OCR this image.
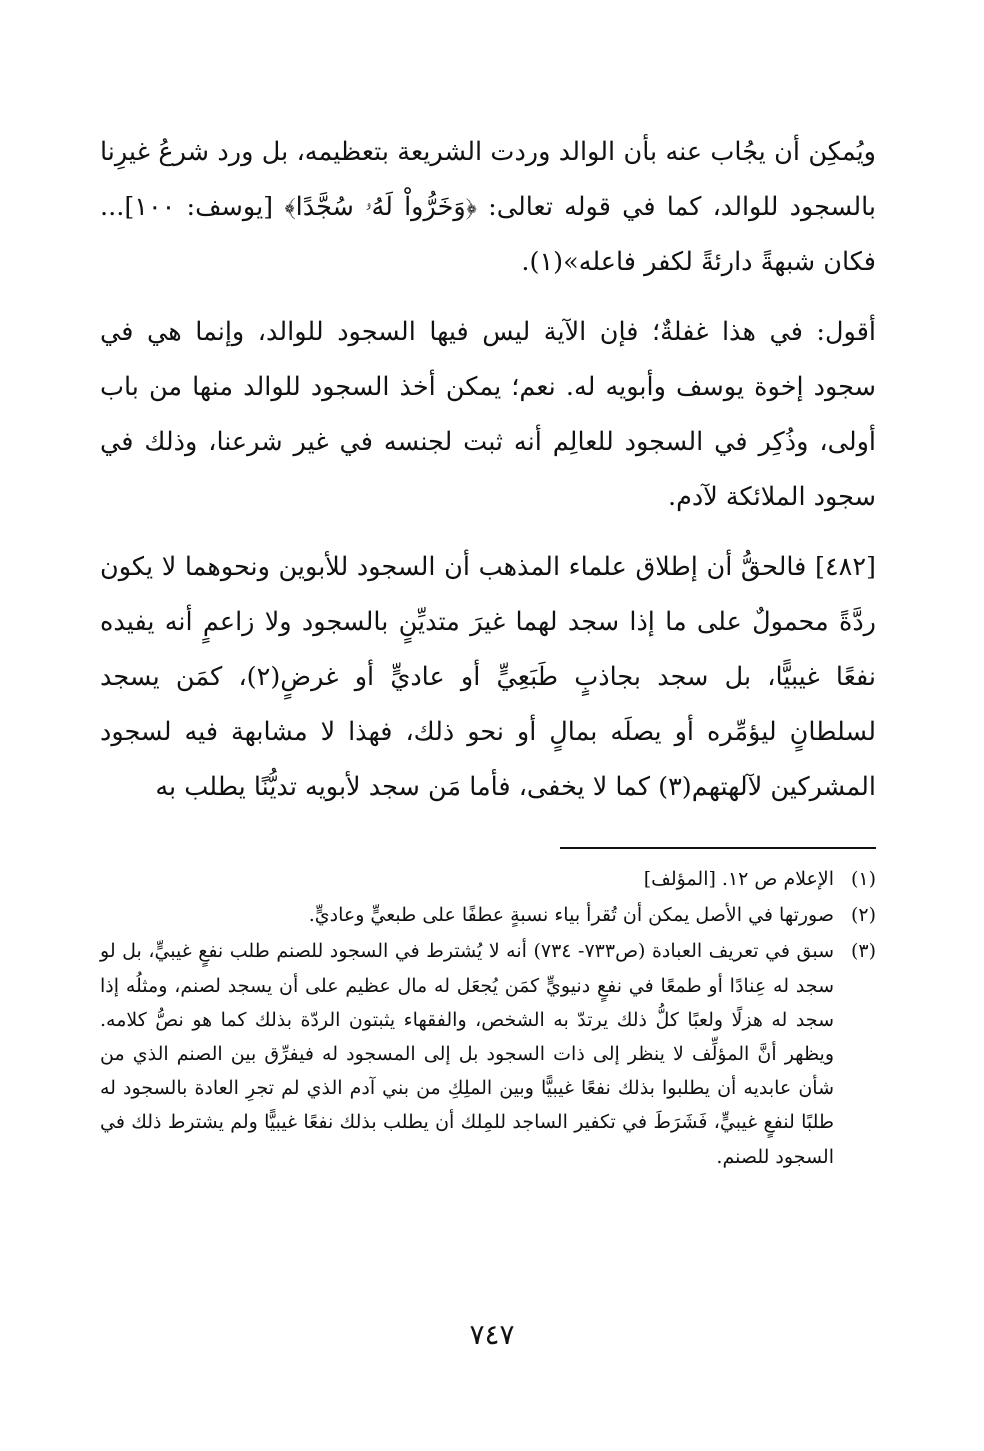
ويُمكِن أن يجُاب عنه بأن الوالد وردت الشريعة بتعظيمه، بل ورد شرعُ غيرِنا بالسجود للوالد، كما في قوله تعالى: ﴿وَخَرُّواْ لَهُۥ سُجَّدًا﴾ [يوسف: ١٠٠]... فكان شبهةً دارئةً لكفر فاعله»(١).

أقول: في هذا غفلةٌ؛ فإن الآية ليس فيها السجود للوالد، وإنما هي في سجود إخوة يوسف وأبويه له. نعم؛ يمكن أخذ السجود للوالد منها من باب أولى، وذُكِر في السجود للعالِم أنه ثبت لجنسه في غير شرعنا، وذلك في سجود الملائكة لآدم.

[٤٨٢] فالحقُّ أن إطلاق علماء المذهب أن السجود للأبوين ونحوهما لا يكون ردَّةً محمولٌ على ما إذا سجد لهما غيرَ متديِّنٍ بالسجود ولا زاعمٍ أنه يفيده نفعًا غيبيًّا، بل سجد بجاذبٍ طَبَعِيٍّ أو عاديٍّ أو غرضٍ(٢)، كمَن يسجد لسلطانٍ ليؤمِّره أو يصلَه بمالٍ أو نحو ذلك، فهذا لا مشابهة فيه لسجود المشركين لآلهتهم(٣) كما لا يخفى، فأما مَن سجد لأبويه تديُّنًا يطلب به

(١)
الإعلام ص ١٢. [المؤلف]
(٢)
صورتها في الأصل يمكن أن تُقرأ بياء نسبةٍ عطفًا على طبعيٍّ وعاديٍّ.
(٣)
سبق في تعريف العبادة (ص٧٣٣- ٧٣٤) أنه لا يُشترط في السجود للصنم طلب نفعٍ غيبيٍّ، بل لو سجد له عِنادًا أو طمعًا في نفعٍ دنيويٍّ كمَن يُجعَل له مال عظيم على أن يسجد لصنم، ومثلُه إذا سجد له هزلًا ولعبًا كلُّ ذلك يرتدّ به الشخص، والفقهاء يثبتون الردّة بذلك كما هو نصُّ كلامه. ويظهر أنَّ المؤلِّف لا ينظر إلى ذات السجود بل إلى المسجود له فيفرِّق بين الصنم الذي من شأن عابديه أن يطلبوا بذلك نفعًا غيبيًّا وبين الملِكِ من بني آدم الذي لم تجرِ العادة بالسجود له طلبًا لنفعٍ غيبيٍّ، فَشَرَطَ في تكفير الساجد للمِلك أن يطلب بذلك نفعًا غيبيًّا ولم يشترط ذلك في السجود للصنم.
٧٤٧
